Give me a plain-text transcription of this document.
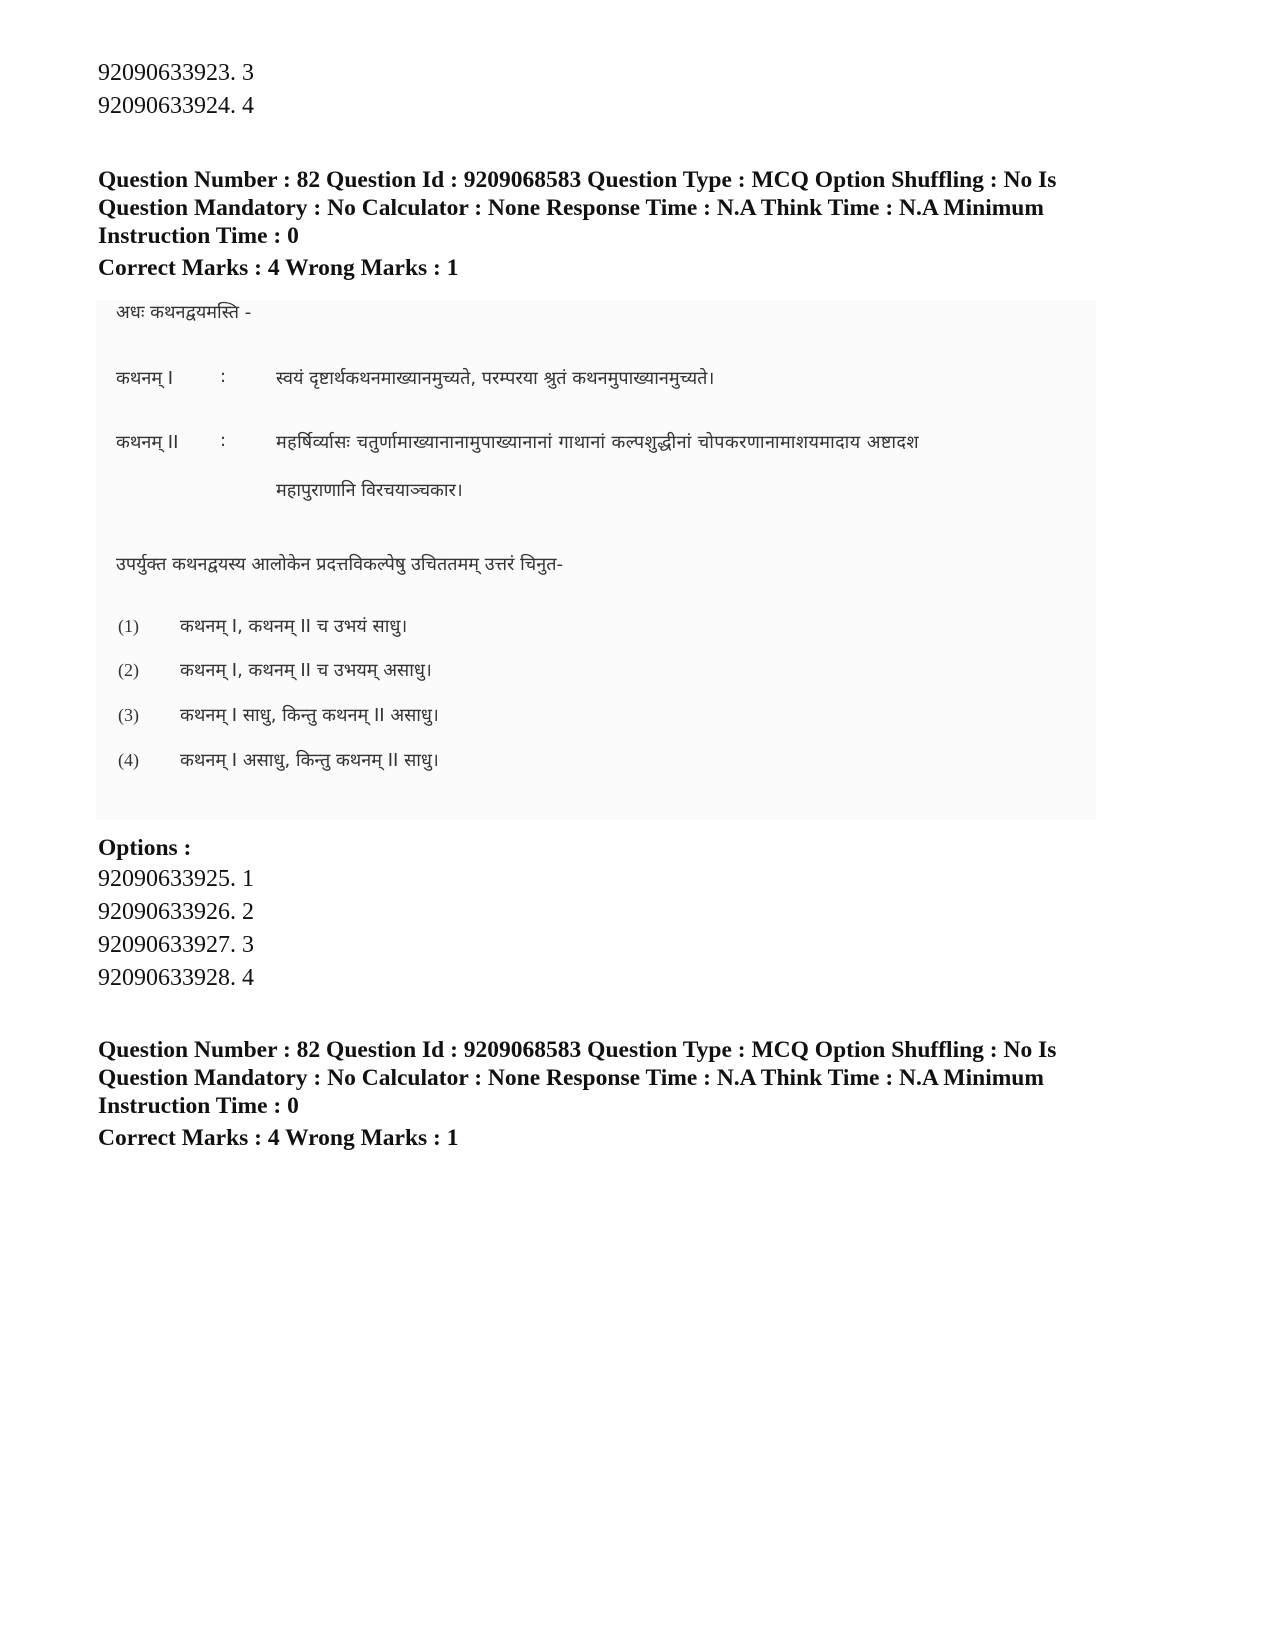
92090633923. 3

92090633924. 4

Question Number : 82 Question Id : 9209068583 Question Type : MCQ Option Shuffling : No Is

Question Mandatory : No Calculator : None Response Time : N.A Think Time : N.A Minimum

Instruction Time : 0

Correct Marks : 4 Wrong Marks : 1

अधः कथनद्वयमस्ति -
कथनम् I	:	स्वयं दृष्टार्थकथनमाख्यानमुच्यते, परम्परया श्रुतं कथनमुपाख्यानमुच्यते।
कथनम् II :	महर्षिर्व्यासः चतुर्णामाख्यानानामुपाख्यानानां गाथानां कल्पशुद्धीनां चोपकरणानामाशयमादाय अष्टादश
महापुराणानि विरचयाञ्चकार।
उपर्युक्त कथनद्वयस्य आलोकेन प्रदत्तविकल्पेषु उचिततमम् उत्तरं चिनुत-
(1) कथनम् I, कथनम् II च उभयं साधु।
(2) कथनम् I, कथनम् II च उभयम् असाधु।
(3) कथनम् I साधु, किन्तु कथनम् II असाधु।
(4) कथनम् I असाधु, किन्तु कथनम् II साधु।

Options :

92090633925. 1

92090633926. 2

92090633927. 3

92090633928. 4

Question Number : 82 Question Id : 9209068583 Question Type : MCQ Option Shuffling : No Is

Question Mandatory : No Calculator : None Response Time : N.A Think Time : N.A Minimum

Instruction Time : 0

Correct Marks : 4 Wrong Marks : 1
